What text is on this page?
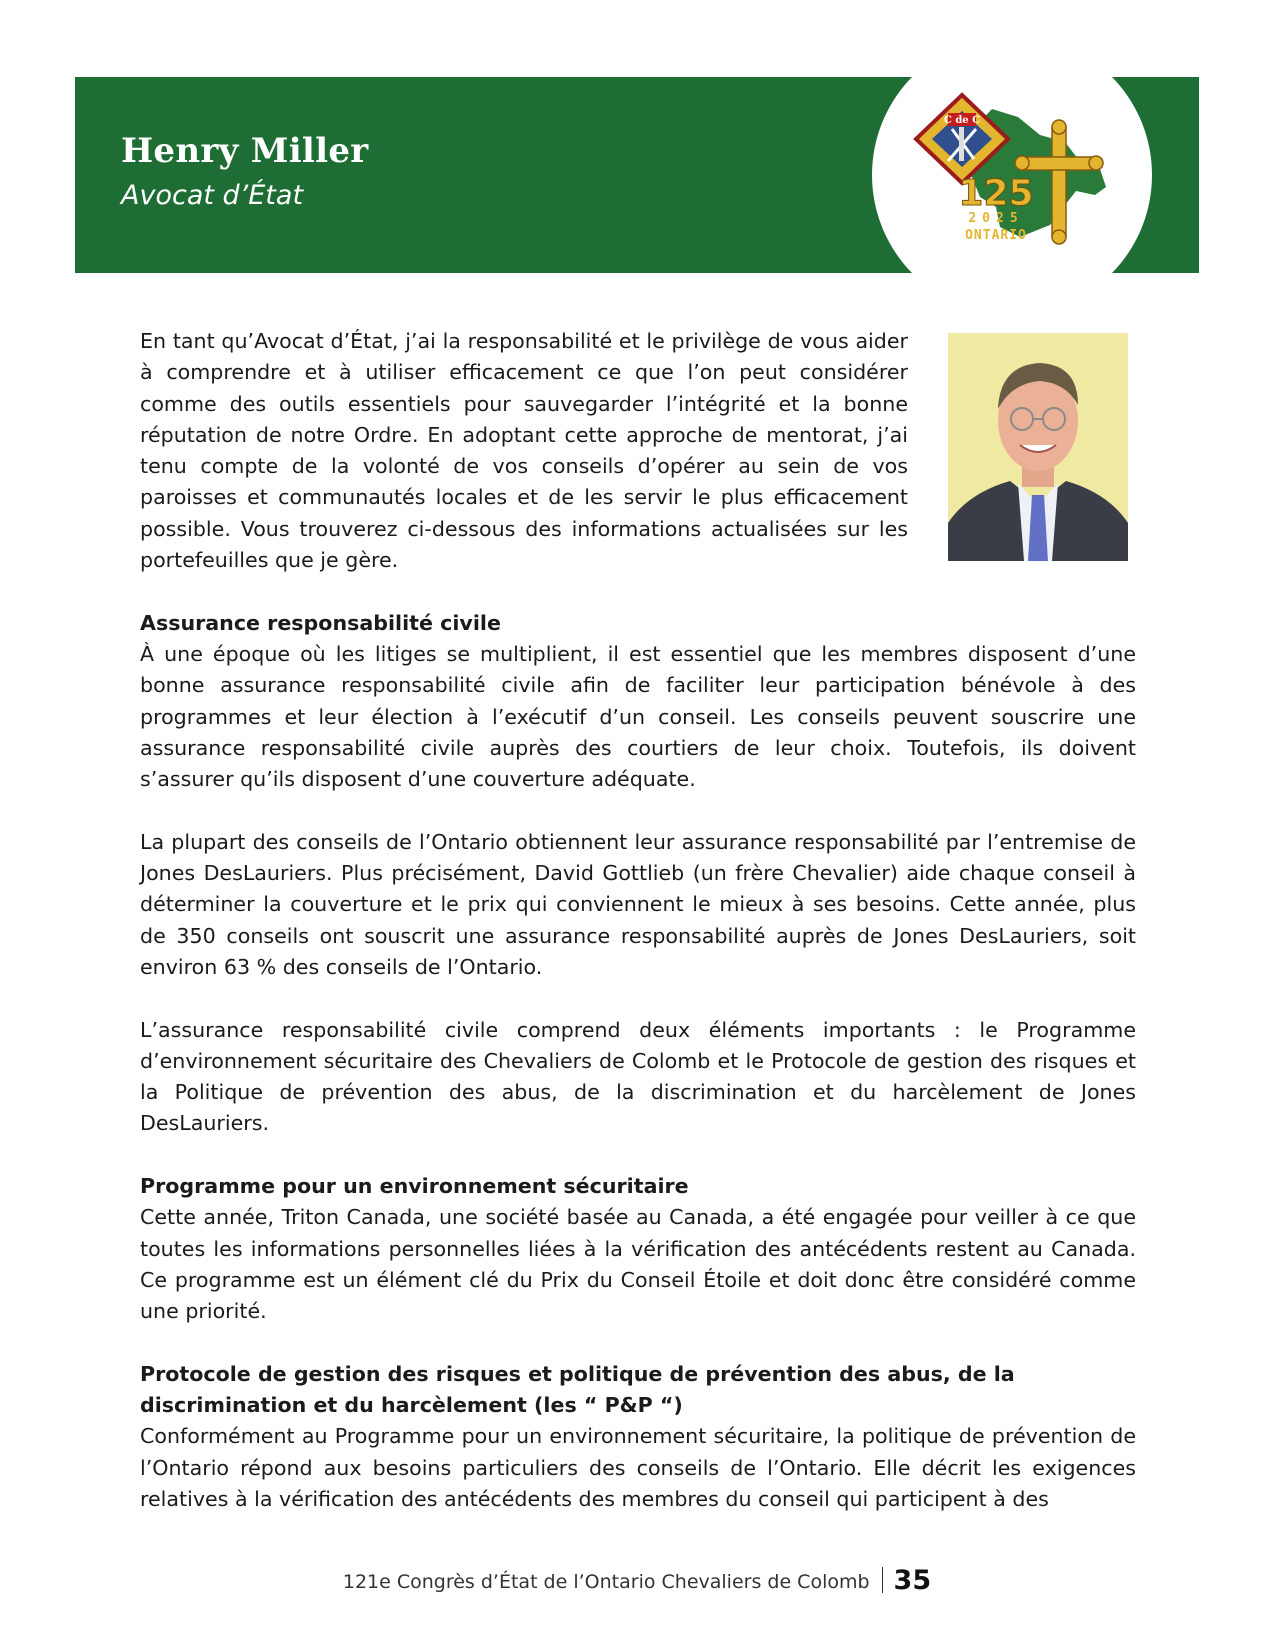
Henry Miller
Avocat d’État
C de C
125
2025
ONTARIO

En tant qu’Avocat d’État, j’ai la responsabilité et le privilège de vous aider à comprendre et à utiliser efficacement ce que l’on peut considérer comme des outils essentiels pour sauvegarder l’intégrité et la bonne réputation de notre Ordre. En adoptant cette approche de mentorat, j’ai tenu compte de la volonté de vos conseils d’opérer au sein de vos paroisses et communautés locales et de les servir le plus efficacement possible. Vous trouverez ci-dessous des informations actualisées sur les portefeuilles que je gère.

Assurance responsabilité civile

À une époque où les litiges se multiplient, il est essentiel que les membres disposent d’une bonne assurance responsabilité civile afin de faciliter leur participation bénévole à des programmes et leur élection à l’exécutif d’un conseil. Les conseils peuvent souscrire une assurance responsabilité civile auprès des courtiers de leur choix. Toutefois, ils doivent s’assurer qu’ils disposent d’une couverture adéquate.

La plupart des conseils de l’Ontario obtiennent leur assurance responsabilité par l’entremise de Jones DesLauriers. Plus précisément, David Gottlieb (un frère Chevalier) aide chaque conseil à déterminer la couverture et le prix qui conviennent le mieux à ses besoins. Cette année, plus de 350 conseils ont souscrit une assurance responsabilité auprès de Jones DesLauriers, soit environ 63 % des conseils de l’Ontario.

L’assurance responsabilité civile comprend deux éléments importants : le Programme d’environnement sécuritaire des Chevaliers de Colomb et le Protocole de gestion des risques et la Politique de prévention des abus, de la discrimination et du harcèlement de Jones DesLauriers.

Programme pour un environnement sécuritaire

Cette année, Triton Canada, une société basée au Canada, a été engagée pour veiller à ce que toutes les informations personnelles liées à la vérification des antécédents restent au Canada. Ce programme est un élément clé du Prix du Conseil Étoile et doit donc être considéré comme une priorité.

Protocole de gestion des risques et politique de prévention des abus, de la discrimination et du harcèlement (les “ P&P “)

Conformément au Programme pour un environnement sécuritaire, la politique de prévention de l’Ontario répond aux besoins particuliers des conseils de l’Ontario. Elle décrit les exigences relatives à la vérification des antécédents des membres du conseil qui participent à des

121e Congrès d’État de l’Ontario Chevaliers de Colomb 35
